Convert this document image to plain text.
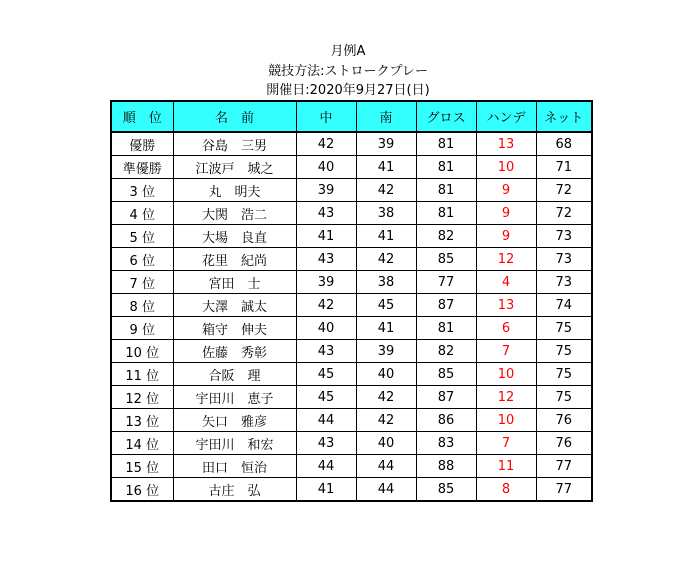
月例A
競技方法:ストロークプレー
開催日:2020年9月27日(日)
順　位	名　前	中	南	グロス	ハンデ	ネット
優勝	谷島　三男	42	39	81	13	68
準優勝	江波戸　城之	40	41	81	10	71
3 位	丸　明夫	39	42	81	9	72
4 位	大関　浩二	43	38	81	9	72
5 位	大場　良直	41	41	82	9	73
6 位	花里　紀尚	43	42	85	12	73
7 位	宮田　士	39	38	77	4	73
8 位	大澤　誠太	42	45	87	13	74
9 位	箱守　伸夫	40	41	81	6	75
10 位	佐藤　秀彰	43	39	82	7	75
11 位	合阪　理	45	40	85	10	75
12 位	宇田川　恵子	45	42	87	12	75
13 位	矢口　雅彦	44	42	86	10	76
14 位	宇田川　和宏	43	40	83	7	76
15 位	田口　恒治	44	44	88	11	77
16 位	古庄　弘	41	44	85	8	77
